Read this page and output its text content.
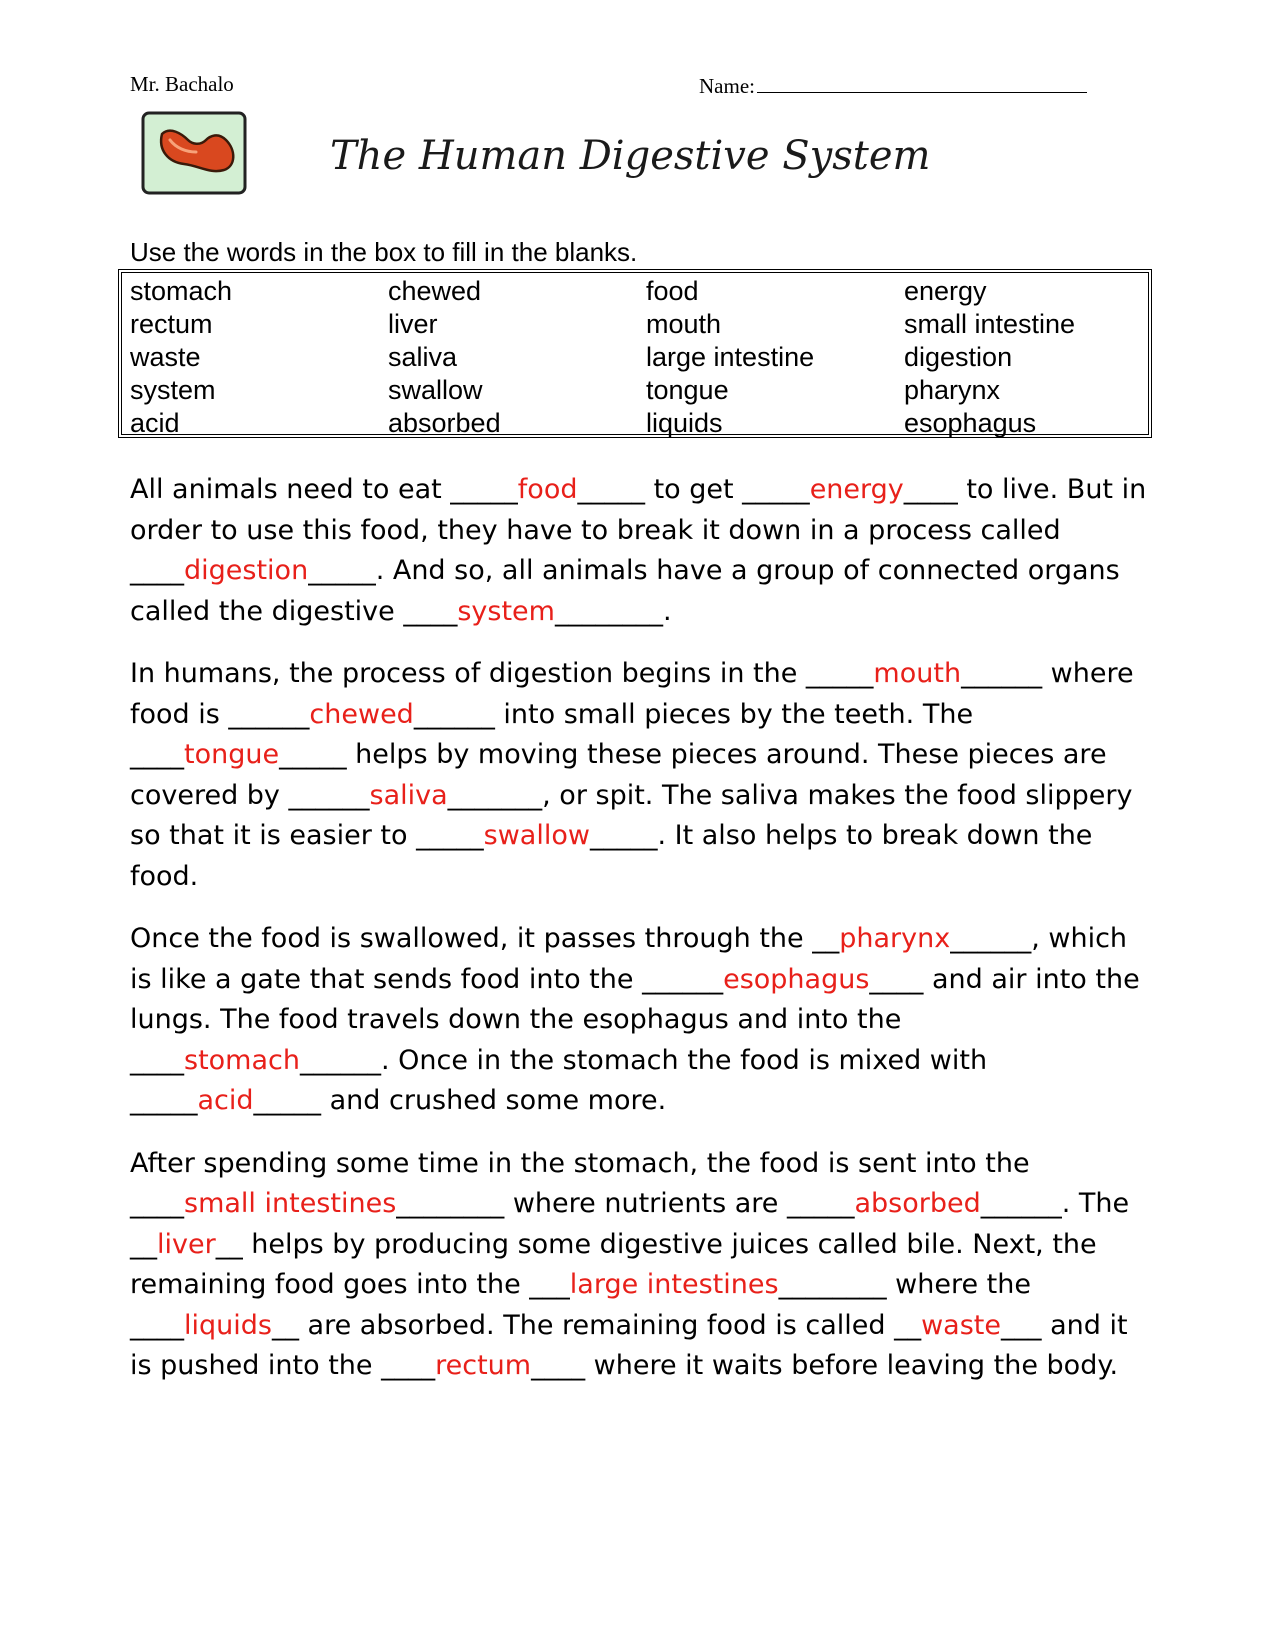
Mr. Bachalo	Name:
The Human Digestive System
Use the words in the box to fill in the blanks.
stomach	chewed	food	energy
rectum	liver	mouth	small intestine
waste	saliva	large intestine	digestion
system	swallow	tongue	pharynx
acid	absorbed	liquids	esophagus

All animals need to eat _____food_____ to get _____energy____ to live. But in order to use this food, they have to break it down in a process called ____digestion_____. And so, all animals have a group of connected organs called the digestive ____system________.

In humans, the process of digestion begins in the _____mouth______ where food is ______chewed______ into small pieces by the teeth. The ____tongue_____ helps by moving these pieces around. These pieces are covered by ______saliva_______, or spit. The saliva makes the food slippery so that it is easier to _____swallow_____. It also helps to break down the food.

Once the food is swallowed, it passes through the __pharynx______, which is like a gate that sends food into the ______esophagus____ and air into the lungs. The food travels down the esophagus and into the ____stomach______. Once in the stomach the food is mixed with _____acid_____ and crushed some more.

After spending some time in the stomach, the food is sent into the ____small intestines________ where nutrients are _____absorbed______. The __liver__ helps by producing some digestive juices called bile. Next, the remaining food goes into the ___large intestines________ where the ____liquids__ are absorbed. The remaining food is called __waste___ and it is pushed into the ____rectum____ where it waits before leaving the body.
